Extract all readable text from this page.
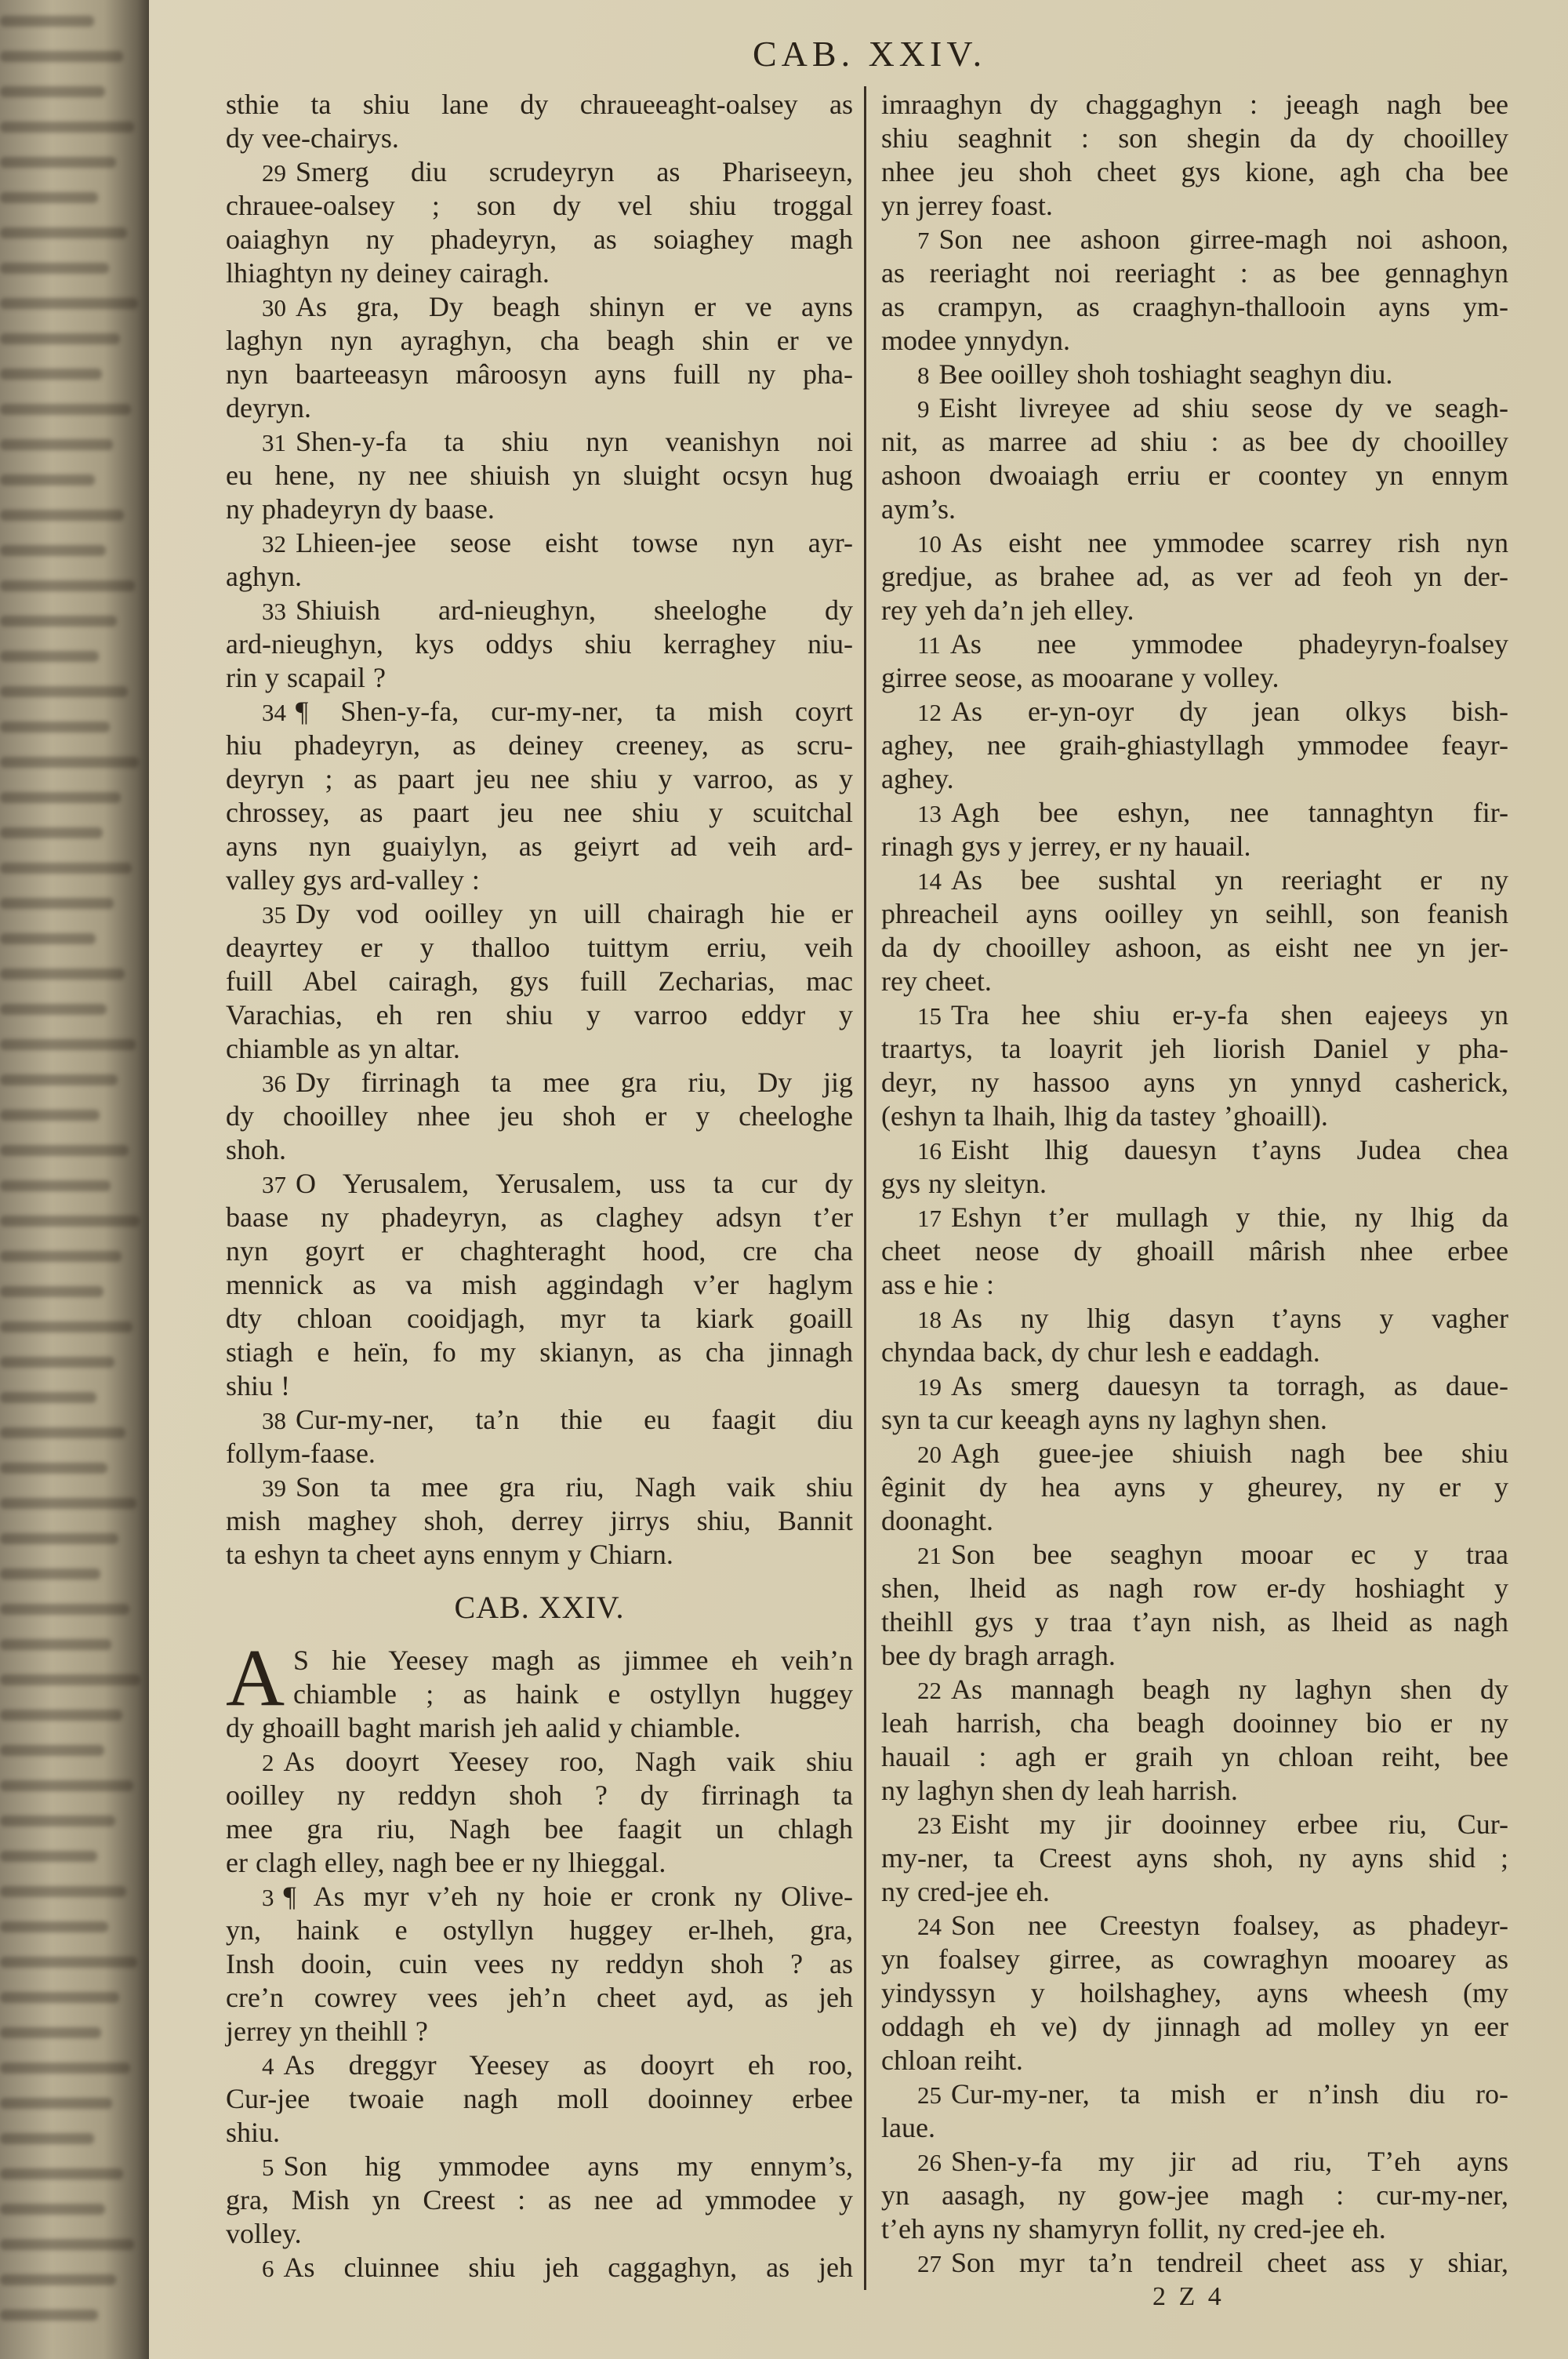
CAB. XXIV.
sthie ta shiu lane dy chraueeaght-oalsey as
dy vee-chairys.
29 Smerg diu scrudeyryn as Phariseeyn,
chrauee-oalsey ; son dy vel shiu troggal
oaiaghyn ny phadeyryn, as soiaghey magh
lhiaghtyn ny deiney cairagh.
30 As gra, Dy beagh shinyn er ve ayns
laghyn nyn ayraghyn, cha beagh shin er ve
nyn baarteeasyn mâroosyn ayns fuill ny pha-
deyryn.
31 Shen-y-fa ta shiu nyn veanishyn noi
eu hene, ny nee shiuish yn sluight ocsyn hug
ny phadeyryn dy baase.
32 Lhieen-jee seose eisht towse nyn ayr-
aghyn.
33 Shiuish ard-nieughyn, sheeloghe dy
ard-nieughyn, kys oddys shiu kerraghey niu-
rin y scapail ?
34 ¶ Shen-y-fa, cur-my-ner, ta mish coyrt
hiu phadeyryn, as deiney creeney, as scru-
deyryn ; as paart jeu nee shiu y varroo, as y
chrossey, as paart jeu nee shiu y scuitchal
ayns nyn guaiylyn, as geiyrt ad veih ard-
valley gys ard-valley :
35 Dy vod ooilley yn uill chairagh hie er
deayrtey er y thalloo tuittym erriu, veih
fuill Abel cairagh, gys fuill Zecharias, mac
Varachias, eh ren shiu y varroo eddyr y
chiamble as yn altar.
36 Dy firrinagh ta mee gra riu, Dy jig
dy chooilley nhee jeu shoh er y cheeloghe
shoh.
37 O Yerusalem, Yerusalem, uss ta cur dy
baase ny phadeyryn, as claghey adsyn t’er
nyn goyrt er chaghteraght hood, cre cha
mennick as va mish aggindagh v’er haglym
dty chloan cooidjagh, myr ta kiark goaill
stiagh e heïn, fo my skianyn, as cha jinnagh
shiu !
38 Cur-my-ner, ta’n thie eu faagit diu
follym-faase.
39 Son ta mee gra riu, Nagh vaik shiu
mish maghey shoh, derrey jirrys shiu, Bannit
ta eshyn ta cheet ayns ennym y Chiarn.
CAB. XXIV.
A S hie Yeesey magh as jimmee eh veih’n
chiamble ; as haink e ostyllyn huggey
dy ghoaill baght marish jeh aalid y chiamble.
2 As dooyrt Yeesey roo, Nagh vaik shiu
ooilley ny reddyn shoh ? dy firrinagh ta
mee gra riu, Nagh bee faagit un chlagh
er clagh elley, nagh bee er ny lhieggal.
3 ¶ As myr v’eh ny hoie er cronk ny Olive-
yn, haink e ostyllyn huggey er-lheh, gra,
Insh dooin, cuin vees ny reddyn shoh ? as
cre’n cowrey vees jeh’n cheet ayd, as jeh
jerrey yn theihll ?
4 As dreggyr Yeesey as dooyrt eh roo,
Cur-jee twoaie nagh moll dooinney erbee
shiu.
5 Son hig ymmodee ayns my ennym’s,
gra, Mish yn Creest : as nee ad ymmodee y
volley.
6 As cluinnee shiu jeh caggaghyn, as jeh
imraaghyn dy chaggaghyn : jeeagh nagh bee
shiu seaghnit : son shegin da dy chooilley
nhee jeu shoh cheet gys kione, agh cha bee
yn jerrey foast.
7 Son nee ashoon girree-magh noi ashoon,
as reeriaght noi reeriaght : as bee gennaghyn
as crampyn, as craaghyn-thallooin ayns ym-
modee ynnydyn.
8 Bee ooilley shoh toshiaght seaghyn diu.
9 Eisht livreyee ad shiu seose dy ve seagh-
nit, as marree ad shiu : as bee dy chooilley
ashoon dwoaiagh erriu er coontey yn ennym
aym’s.
10 As eisht nee ymmodee scarrey rish nyn
gredjue, as brahee ad, as ver ad feoh yn der-
rey yeh da’n jeh elley.
11 As nee ymmodee phadeyryn-foalsey
girree seose, as mooarane y volley.
12 As er-yn-oyr dy jean olkys bish-
aghey, nee graih-ghiastyllagh ymmodee feayr-
aghey.
13 Agh bee eshyn, nee tannaghtyn fir-
rinagh gys y jerrey, er ny hauail.
14 As bee sushtal yn reeriaght er ny
phreacheil ayns ooilley yn seihll, son feanish
da dy chooilley ashoon, as eisht nee yn jer-
rey cheet.
15 Tra hee shiu er-y-fa shen eajeeys yn
traartys, ta loayrit jeh liorish Daniel y pha-
deyr, ny hassoo ayns yn ynnyd casherick,
(eshyn ta lhaih, lhig da tastey ’ghoaill).
16 Eisht lhig dauesyn t’ayns Judea chea
gys ny sleityn.
17 Eshyn t’er mullagh y thie, ny lhig da
cheet neose dy ghoaill mârish nhee erbee
ass e hie :
18 As ny lhig dasyn t’ayns y vagher
chyndaa back, dy chur lesh e eaddagh.
19 As smerg dauesyn ta torragh, as daue-
syn ta cur keeagh ayns ny laghyn shen.
20 Agh guee-jee shiuish nagh bee shiu
êginit dy hea ayns y gheurey, ny er y
doonaght.
21 Son bee seaghyn mooar ec y traa
shen, lheid as nagh row er-dy hoshiaght y
theihll gys y traa t’ayn nish, as lheid as nagh
bee dy bragh arragh.
22 As mannagh beagh ny laghyn shen dy
leah harrish, cha beagh dooinney bio er ny
hauail : agh er graih yn chloan reiht, bee
ny laghyn shen dy leah harrish.
23 Eisht my jir dooinney erbee riu, Cur-
my-ner, ta Creest ayns shoh, ny ayns shid ;
ny cred-jee eh.
24 Son nee Creestyn foalsey, as phadeyr-
yn foalsey girree, as cowraghyn mooarey as
yindyssyn y hoilshaghey, ayns wheesh (my
oddagh eh ve) dy jinnagh ad molley yn eer
chloan reiht.
25 Cur-my-ner, ta mish er n’insh diu ro-
laue.
26 Shen-y-fa my jir ad riu, T’eh ayns
yn aasagh, ny gow-jee magh : cur-my-ner,
t’eh ayns ny shamyryn follit, ny cred-jee eh.
27 Son myr ta’n tendreil cheet ass y shiar,
2 Z 4
